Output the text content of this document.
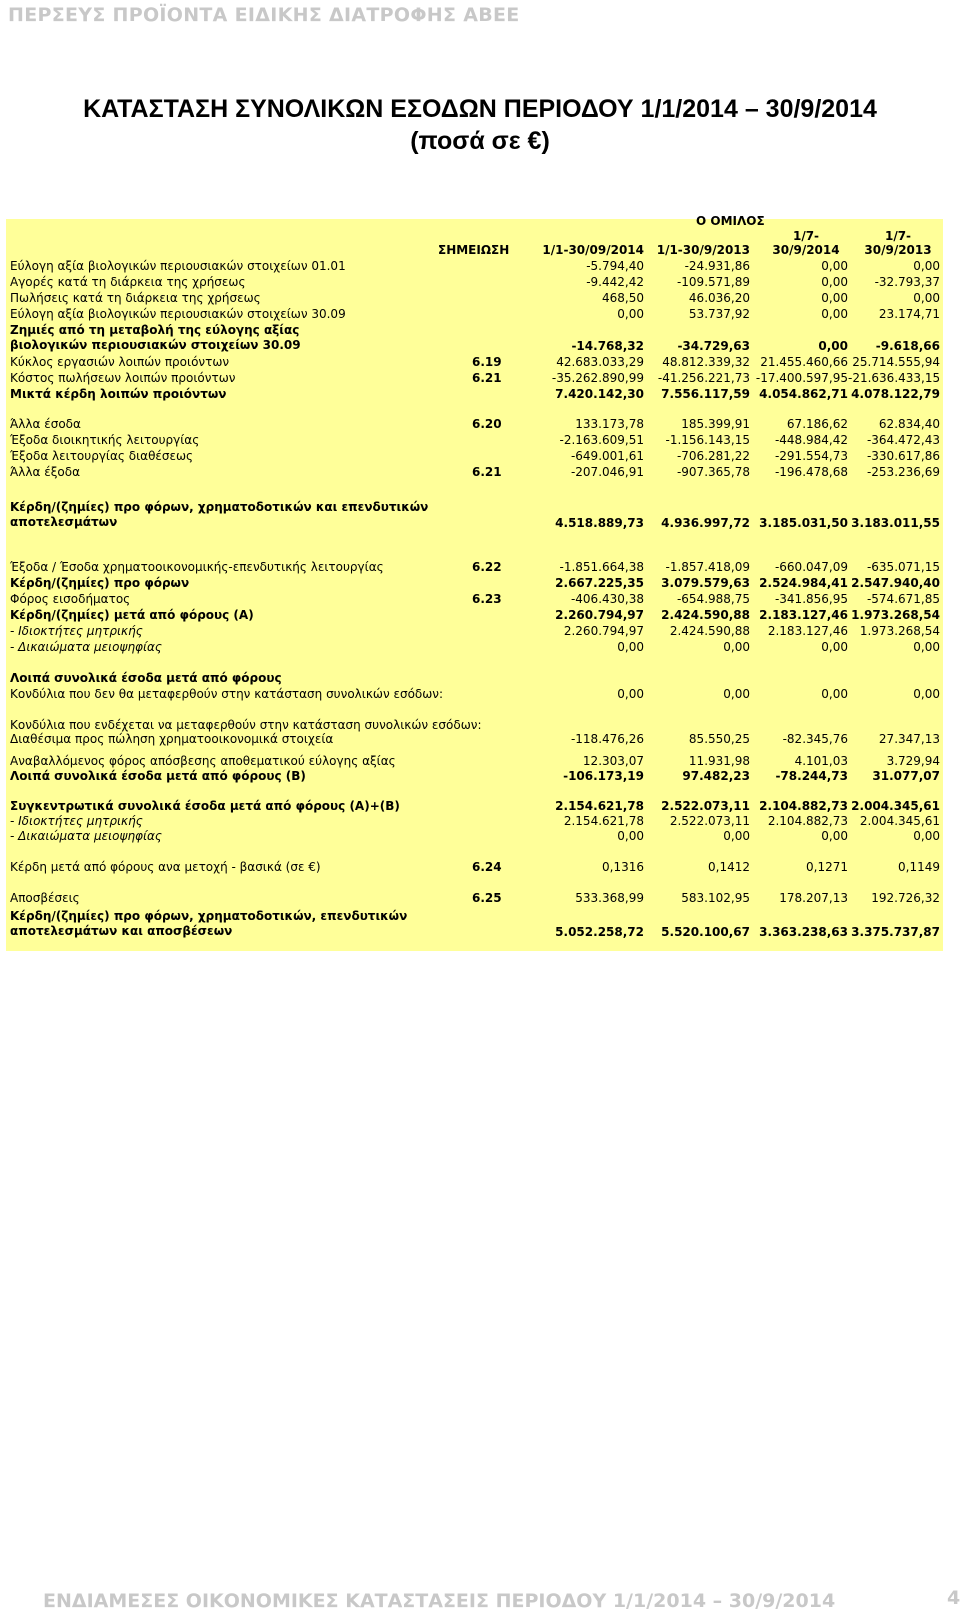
ΠΕΡΣΕΥΣ ΠΡΟΪΟΝΤΑ ΕΙΔΙΚΗΣ ΔΙΑΤΡΟΦΗΣ ΑΒΕΕ
ΚΑΤΑΣΤΑΣΗ ΣΥΝΟΛΙΚΩΝ ΕΣΟΔΩΝ ΠΕΡΙΟΔΟΥ 1/1/2014 – 30/9/2014
(ποσά σε €)
Ο ΟΜΙΛΟΣ
1/7-	1/7-
ΣΗΜΕΙΩΣΗ	1/1-30/09/2014	1/1-30/9/2013	30/9/2014	30/9/2013
Εύλογη αξία βιολογικών περιουσιακών στοιχείων 01.01	-5.794,40	-24.931,86	0,00	0,00
Αγορές κατά τη διάρκεια της χρήσεως	-9.442,42	-109.571,89	0,00	-32.793,37
Πωλήσεις κατά τη διάρκεια της χρήσεως	468,50	46.036,20	0,00	0,00
Εύλογη αξία βιολογικών περιουσιακών στοιχείων 30.09	0,00	53.737,92	0,00	23.174,71
Ζημιές από τη μεταβολή της εύλογης αξίας βιολογικών περιουσιακών στοιχείων 30.09	-14.768,32	-34.729,63	0,00	-9.618,66
Κύκλος εργασιών λοιπών προιόντων	6.19	42.683.033,29	48.812.339,32 21.455.460,66 25.714.555,94
Κόστος πωλήσεων λοιπών προιόντων	6.21	-35.262.890,99	-41.256.221,73 -17.400.597,95 -21.636.433,15
Μικτά κέρδη λοιπών προιόντων	7.420.142,30	7.556.117,59 4.054.862,71 4.078.122,79
Άλλα έσοδα	6.20	133.173,78	185.399,91	67.186,62	62.834,40
Έξοδα διοικητικής λειτουργίας	-2.163.609,51	-1.156.143,15	-448.984,42	-364.472,43
Έξοδα λειτουργίας διαθέσεως	-649.001,61	-706.281,22	-291.554,73	-330.617,86
Άλλα έξοδα	6.21	-207.046,91	-907.365,78	-196.478,68	-253.236,69
Κέρδη/(ζημίες) προ φόρων, χρηματοδοτικών και επενδυτικών αποτελεσμάτων	4.518.889,73	4.936.997,72 3.185.031,50 3.183.011,55
Έξοδα / Έσοδα χρηματοοικονομικής-επενδυτικής λειτουργίας	6.22	-1.851.664,38	-1.857.418,09	-660.047,09	-635.071,15
Κέρδη/(ζημίες) προ φόρων	2.667.225,35	3.079.579,63 2.524.984,41 2.547.940,40
Φόρος εισοδήματος	6.23	-406.430,38	-654.988,75	-341.856,95	-574.671,85
Κέρδη/(ζημίες) μετά από φόρους (Α)	2.260.794,97	2.424.590,88 2.183.127,46 1.973.268,54
- Ιδιοκτήτες μητρικής	2.260.794,97	2.424.590,88	2.183.127,46 1.973.268,54
- Δικαιώματα μειοψηφίας	0,00	0,00	0,00	0,00
Λοιπά συνολικά έσοδα μετά από φόρους
Κονδύλια που δεν θα μεταφερθούν στην κατάσταση συνολικών εσόδων:	0,00	0,00	0,00	0,00
Κονδύλια που ενδέχεται να μεταφερθούν στην κατάσταση συνολικών εσόδων:
Διαθέσιμα προς πώληση χρηματοοικονομικά στοιχεία	-118.476,26	85.550,25	-82.345,76	27.347,13
Αναβαλλόμενος φόρος απόσβεσης αποθεματικού εύλογης αξίας	12.303,07	11.931,98	4.101,03	3.729,94
Λοιπά συνολικά έσοδα μετά από φόρους (Β)	-106.173,19	97.482,23	-78.244,73	31.077,07
Συγκεντρωτικά συνολικά έσοδα μετά από φόρους (Α)+(Β)	2.154.621,78	2.522.073,11 2.104.882,73 2.004.345,61
- Ιδιοκτήτες μητρικής	2.154.621,78	2.522.073,11	2.104.882,73 2.004.345,61
- Δικαιώματα μειοψηφίας	0,00	0,00	0,00	0,00
Κέρδη μετά από φόρους ανα μετοχή - βασικά (σε €)	6.24	0,1316	0,1412	0,1271	0,1149
Αποσβέσεις	6.25	533.368,99	583.102,95	178.207,13	192.726,32
Κέρδη/(ζημίες) προ φόρων, χρηματοδοτικών, επενδυτικών αποτελεσμάτων και αποσβέσεων	5.052.258,72	5.520.100,67 3.363.238,63 3.375.737,87
ΕΝΔΙΑΜΕΣΕΣ ΟΙΚΟΝΟΜΙΚΕΣ ΚΑΤΑΣΤΑΣΕΙΣ ΠΕΡΙΟΔΟΥ 1/1/2014 – 30/9/2014	4
